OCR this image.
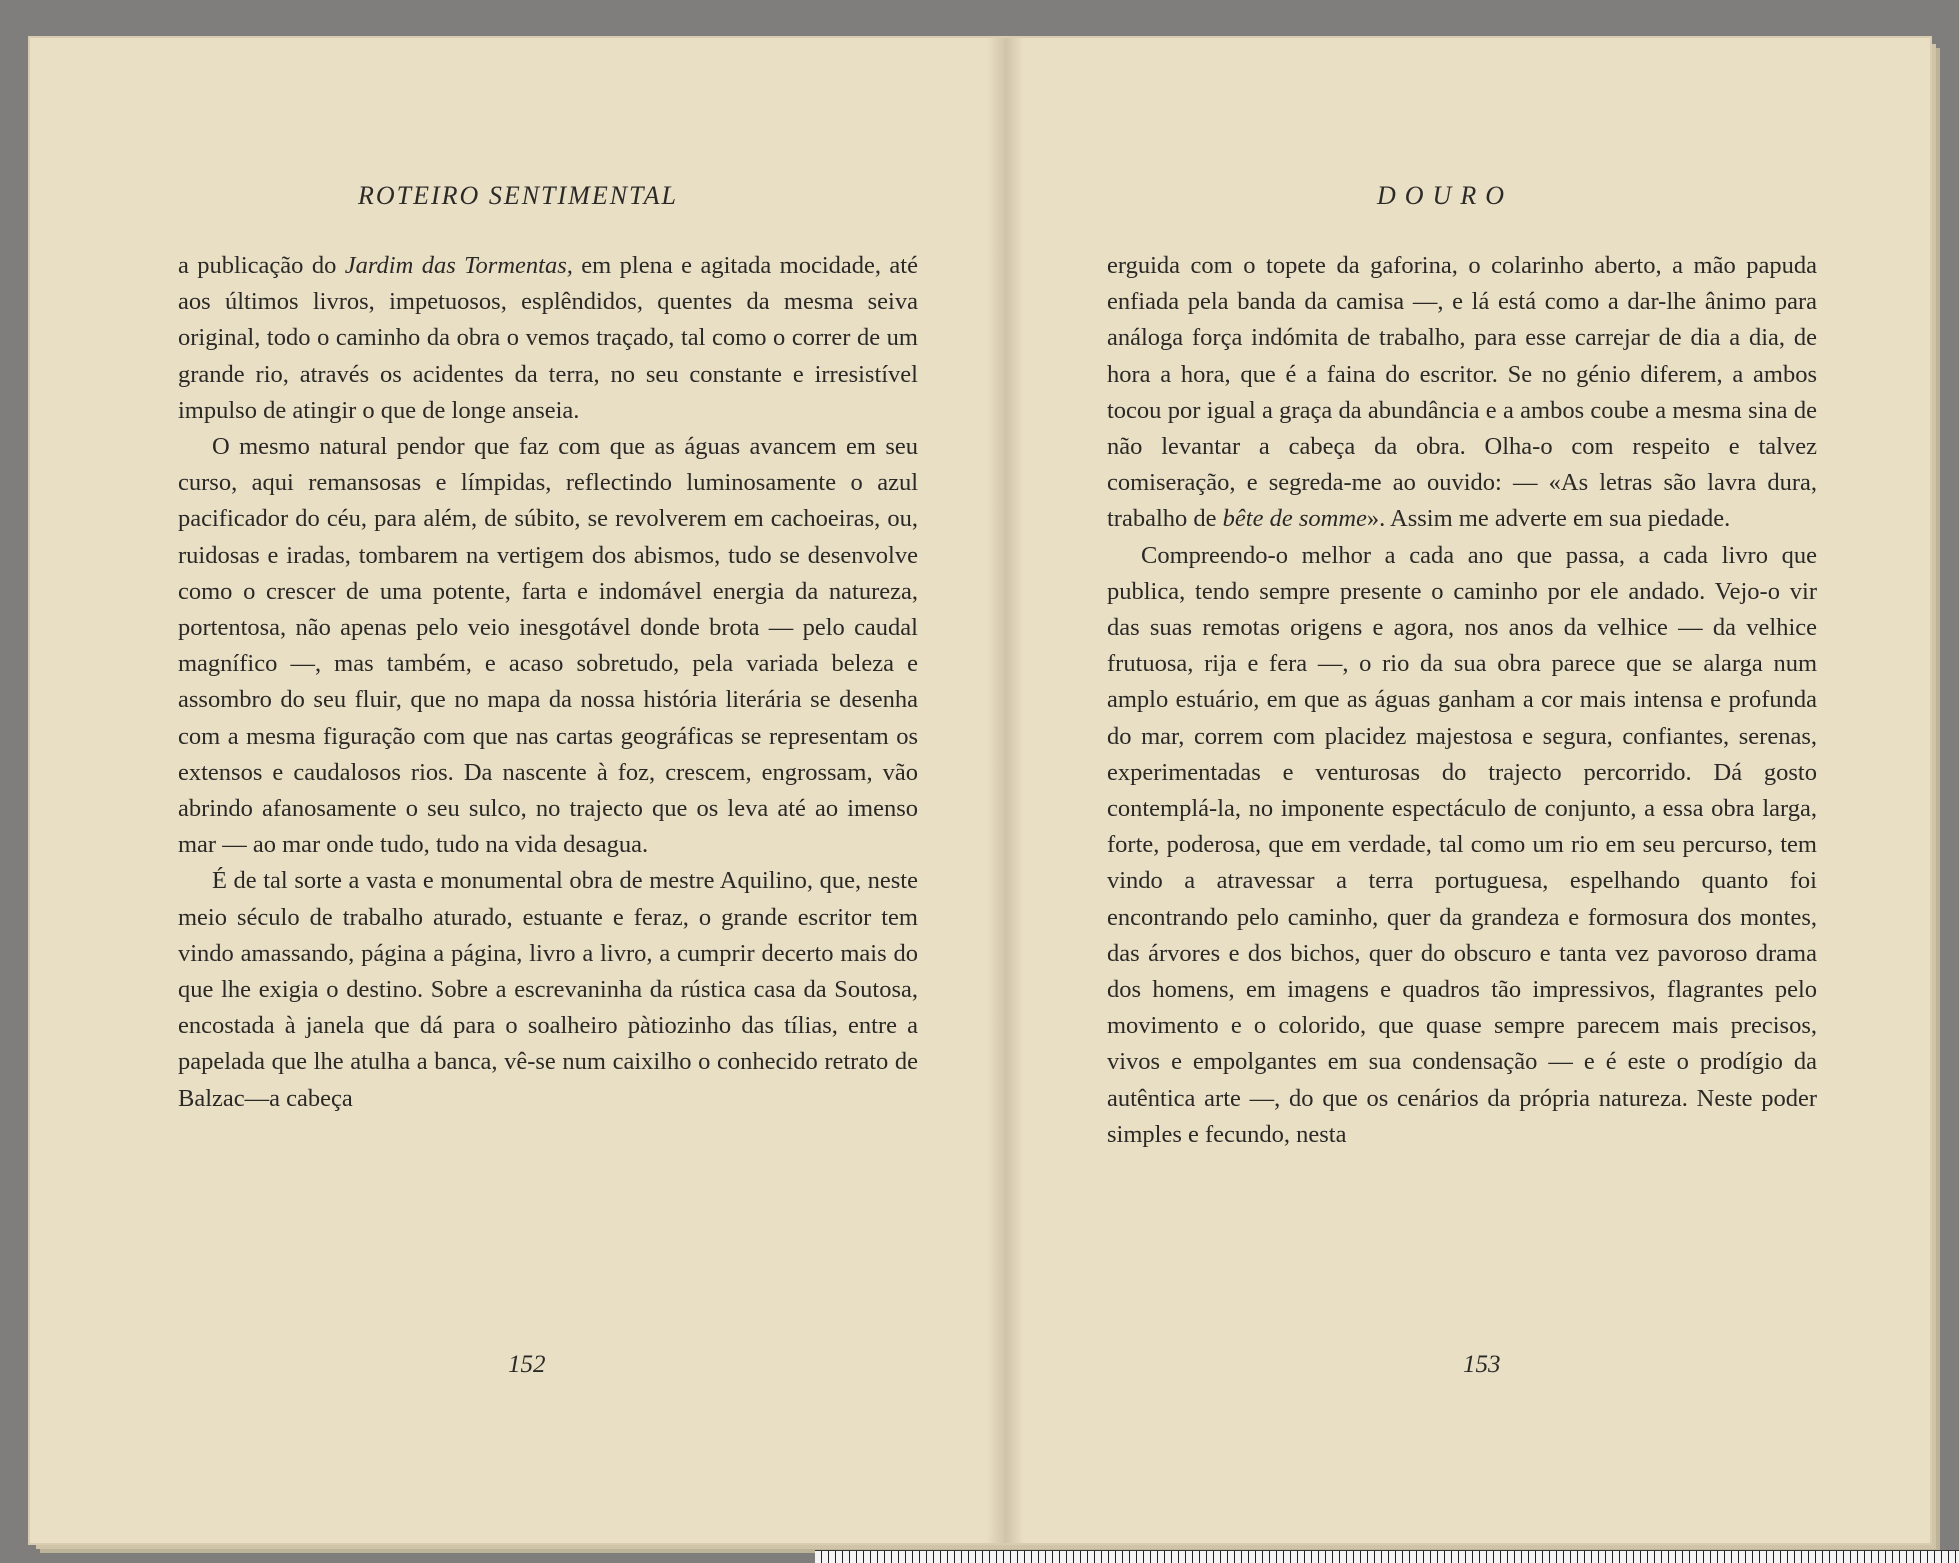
ROTEIRO SENTIMENTAL

a publicação do Jardim das Tormentas, em plena e agitada mocidade, até aos últimos livros, impetuosos, esplêndidos, quentes da mesma seiva original, todo o caminho da obra o vemos traçado, tal como o correr de um grande rio, através os acidentes da terra, no seu constante e irresistível impulso de atingir o que de longe anseia.

O mesmo natural pendor que faz com que as águas avancem em seu curso, aqui remansosas e límpidas, reflectindo luminosamente o azul pacificador do céu, para além, de súbito, se revolverem em cachoeiras, ou, ruidosas e iradas, tombarem na vertigem dos abismos, tudo se desenvolve como o crescer de uma potente, farta e indomável energia da natureza, portentosa, não apenas pelo veio inesgotável donde brota — pelo caudal magnífico —, mas também, e acaso sobretudo, pela variada beleza e assombro do seu fluir, que no mapa da nossa história literária se desenha com a mesma figuração com que nas cartas geográficas se representam os extensos e caudalosos rios. Da nascente à foz, crescem, engrossam, vão abrindo afanosamente o seu sulco, no trajecto que os leva até ao imenso mar — ao mar onde tudo, tudo na vida desagua.

É de tal sorte a vasta e monumental obra de mestre Aquilino, que, neste meio século de trabalho aturado, estuante e feraz, o grande escritor tem vindo amassando, página a página, livro a livro, a cumprir decerto mais do que lhe exigia o destino. Sobre a escrevaninha da rústica casa da Soutosa, encostada à janela que dá para o soalheiro pàtiozinho das tílias, entre a papelada que lhe atulha a banca, vê-se num caixilho o conhecido retrato de Balzac—a cabeça

152
DOURO

erguida com o topete da gaforina, o colarinho aberto, a mão papuda enfiada pela banda da camisa —, e lá está como a dar-lhe ânimo para análoga força indómita de trabalho, para esse carrejar de dia a dia, de hora a hora, que é a faina do escritor. Se no génio diferem, a ambos tocou por igual a graça da abundância e a ambos coube a mesma sina de não levantar a cabeça da obra. Olha-o com respeito e talvez comiseração, e segreda-me ao ouvido: — «As letras são lavra dura, trabalho de bête de somme». Assim me adverte em sua piedade.

Compreendo-o melhor a cada ano que passa, a cada livro que publica, tendo sempre presente o caminho por ele andado. Vejo-o vir das suas remotas origens e agora, nos anos da velhice — da velhice frutuosa, rija e fera —, o rio da sua obra parece que se alarga num amplo estuário, em que as águas ganham a cor mais intensa e profunda do mar, correm com placidez majestosa e segura, confiantes, serenas, experimentadas e venturosas do trajecto percorrido. Dá gosto contemplá-la, no imponente espectáculo de conjunto, a essa obra larga, forte, poderosa, que em verdade, tal como um rio em seu percurso, tem vindo a atravessar a terra portuguesa, espelhando quanto foi encontrando pelo caminho, quer da grandeza e formosura dos montes, das árvores e dos bichos, quer do obscuro e tanta vez pavoroso drama dos homens, em imagens e quadros tão impressivos, flagrantes pelo movimento e o colorido, que quase sempre parecem mais precisos, vivos e empolgantes em sua condensação — e é este o prodígio da autêntica arte —, do que os cenários da própria natureza. Neste poder simples e fecundo, nesta

153
